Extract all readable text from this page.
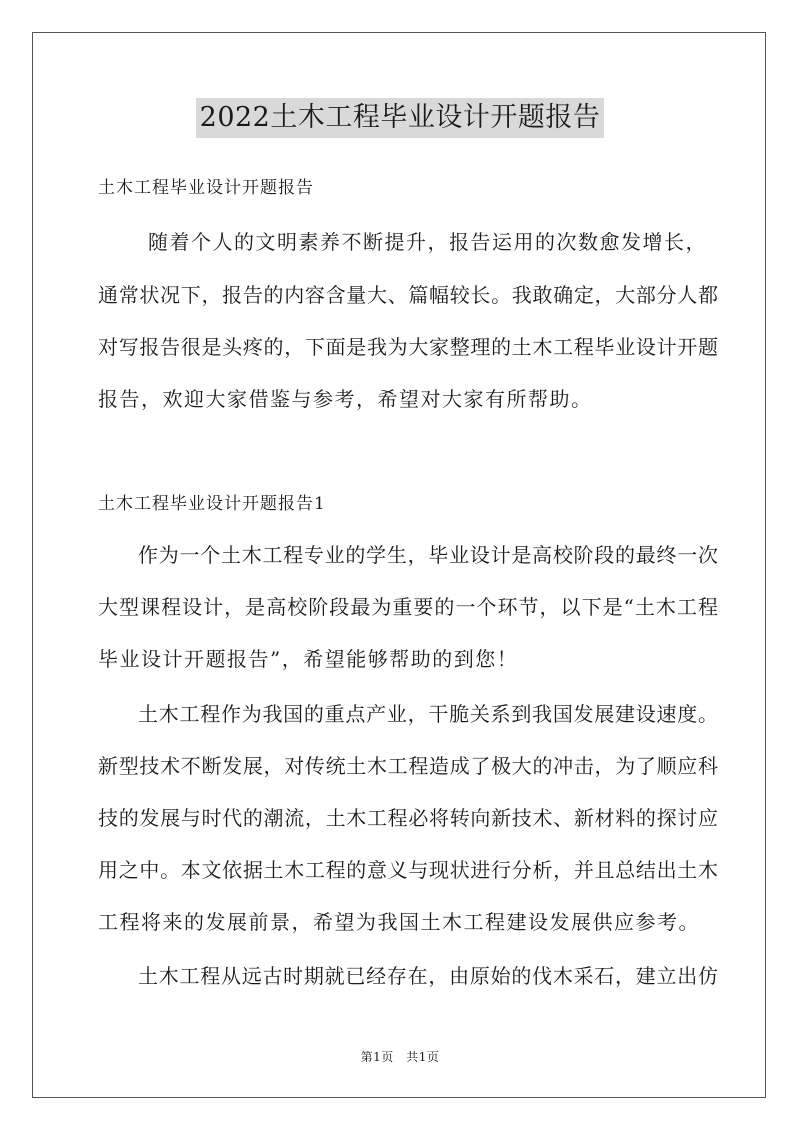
2022土木工程毕业设计开题报告
土木工程毕业设计开题报告
随着个人的文明素养不断提升，报告运用的次数愈发增长，
通常状况下，报告的内容含量大、篇幅较长。我敢确定，大部分人都
对写报告很是头疼的，下面是我为大家整理的土木工程毕业设计开题
报告，欢迎大家借鉴与参考，希望对大家有所帮助。
土木工程毕业设计开题报告1
作为一个土木工程专业的学生，毕业设计是高校阶段的最终一次
大型课程设计，是高校阶段最为重要的一个环节，以下是“土木工程
毕业设计开题报告”，希望能够帮助的到您！
土木工程作为我国的重点产业，干脆关系到我国发展建设速度。
新型技术不断发展，对传统土木工程造成了极大的冲击，为了顺应科
技的发展与时代的潮流，土木工程必将转向新技术、新材料的探讨应
用之中。本文依据土木工程的意义与现状进行分析，并且总结出土木
工程将来的发展前景，希望为我国土木工程建设发展供应参考。
土木工程从远古时期就已经存在，由原始的伐木采石，建立出仿
第1页　共1页
